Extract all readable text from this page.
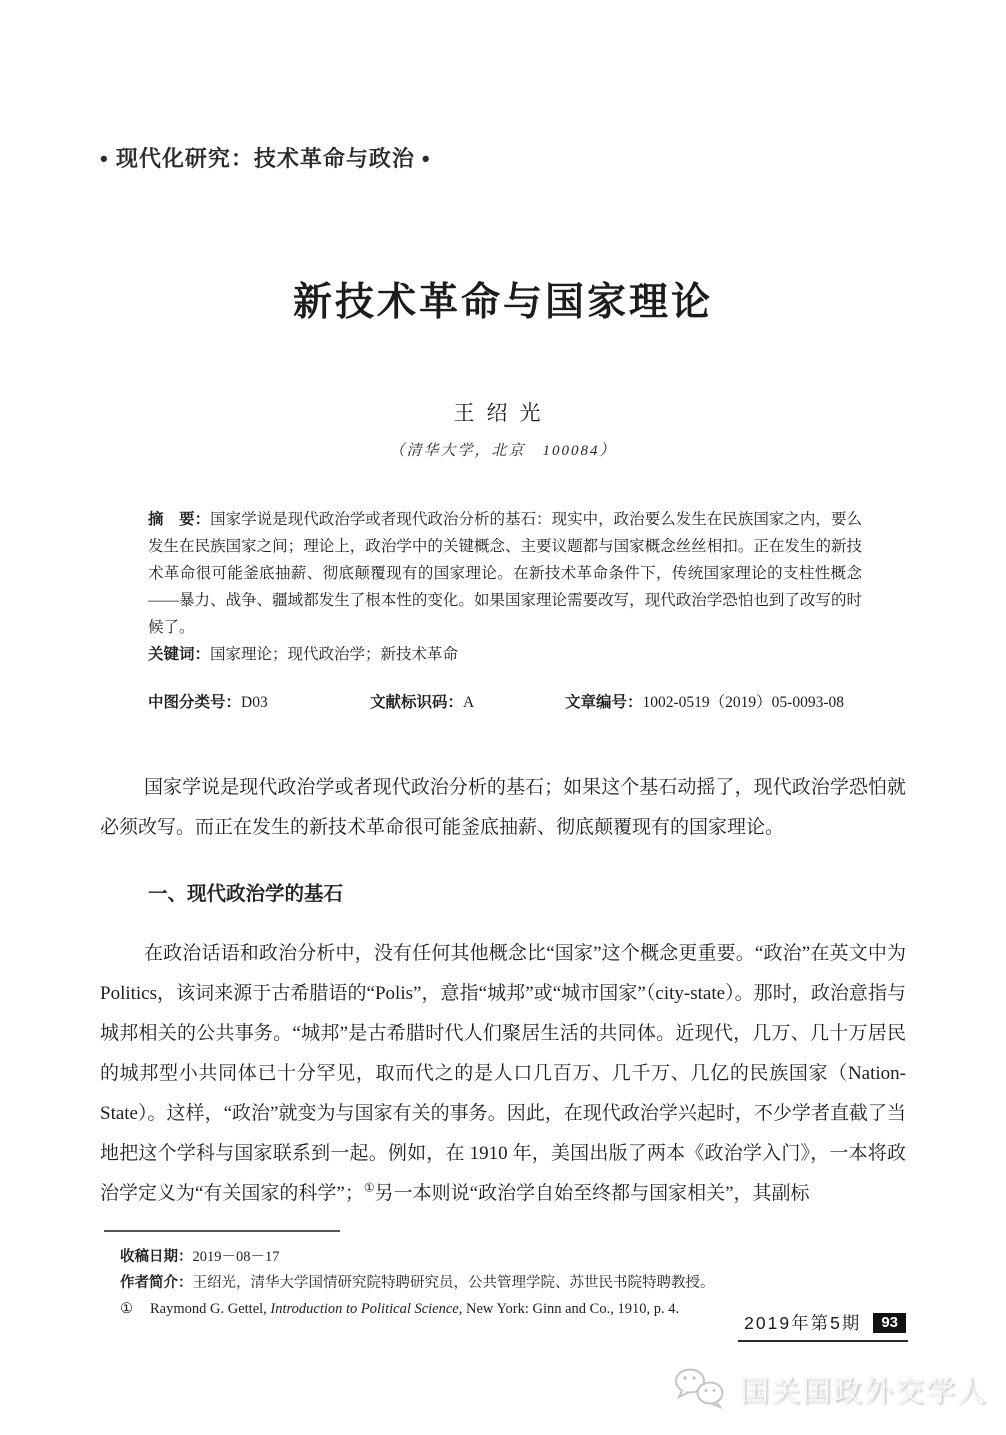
• 现代化研究：技术革命与政治 •
新技术革命与国家理论
王绍光
（清华大学，北京　100084）

摘　要：国家学说是现代政治学或者现代政治分析的基石：现实中，政治要么发生在民族国家之内，要么发生在民族国家之间；理论上，政治学中的关键概念、主要议题都与国家概念丝丝相扣。正在发生的新技术革命很可能釜底抽薪、彻底颠覆现有的国家理论。在新技术革命条件下，传统国家理论的支柱性概念——暴力、战争、疆域都发生了根本性的变化。如果国家理论需要改写，现代政治学恐怕也到了改写的时候了。

关键词：国家理论；现代政治学；新技术革命

中图分类号：D03	文献标识码：A	文章编号：1002-0519（2019）05-0093-08

国家学说是现代政治学或者现代政治分析的基石；如果这个基石动摇了，现代政治学恐怕就必须改写。而正在发生的新技术革命很可能釜底抽薪、彻底颠覆现有的国家理论。

一、现代政治学的基石

在政治话语和政治分析中，没有任何其他概念比“国家”这个概念更重要。“政治”在英文中为 Politics，该词来源于古希腊语的“Polis”，意指“城邦”或“城市国家”（city-state）。那时，政治意指与城邦相关的公共事务。“城邦”是古希腊时代人们聚居生活的共同体。近现代，几万、几十万居民的城邦型小共同体已十分罕见，取而代之的是人口几百万、几千万、几亿的民族国家（Nation-State）。这样，“政治”就变为与国家有关的事务。因此，在现代政治学兴起时，不少学者直截了当地把这个学科与国家联系到一起。例如，在 1910 年，美国出版了两本《政治学入门》，一本将政治学定义为“有关国家的科学”；①另一本则说“政治学自始至终都与国家相关”，其副标

收稿日期：2019－08－17

作者简介：王绍光，清华大学国情研究院特聘研究员，公共管理学院、苏世民书院特聘教授。

① Raymond G. Gettel, Introduction to Political Science, New York: Ginn and Co., 1910, p. 4.

2019年第5期	93
国关国政外交学人
